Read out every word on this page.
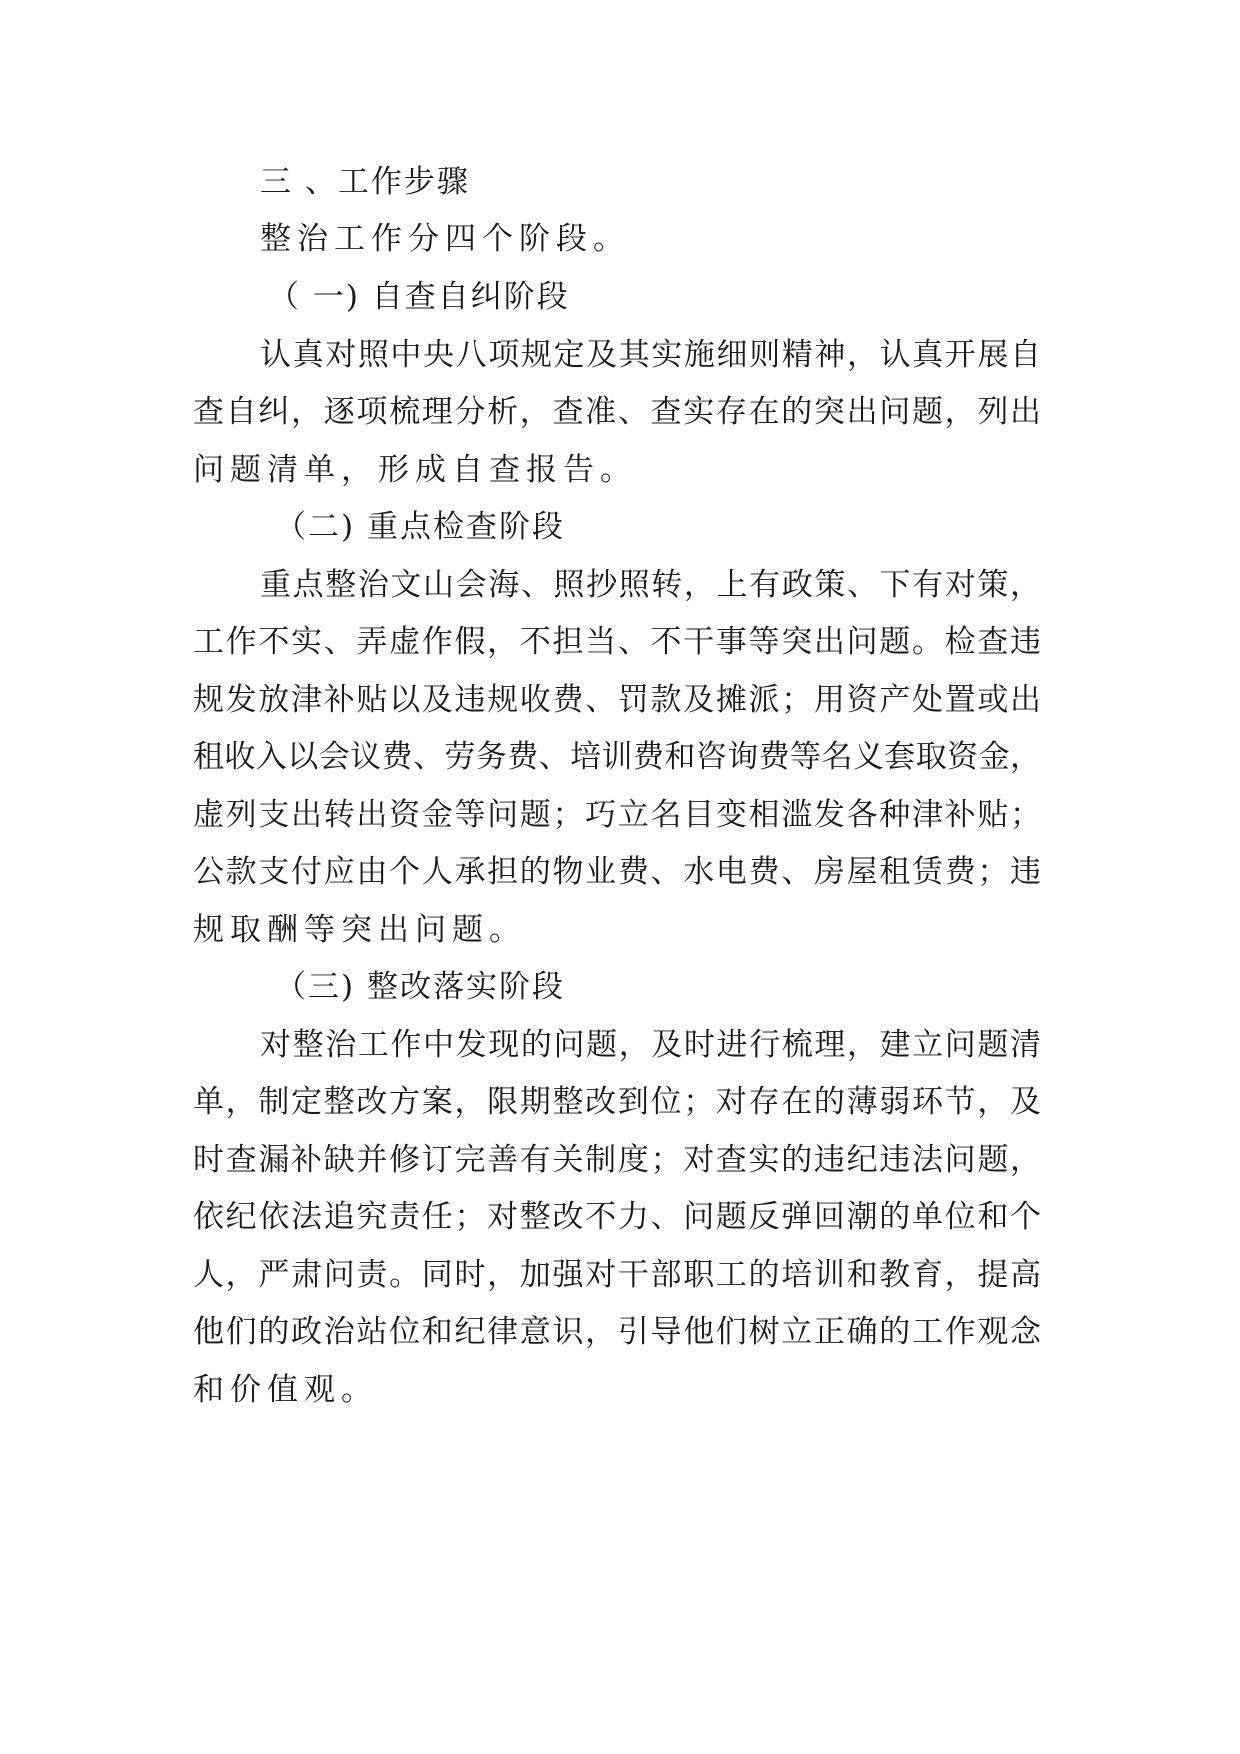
三 、工作步骤
整治工作分四个阶段。
（ 一) 自查自纠阶段
认真对照中央八项规定及其实施细则精神，认真开展自
查自纠，逐项梳理分析，查准、查实存在的突出问题，列出
问题清单，形成自查报告。
（二) 重点检查阶段
重点整治文山会海、照抄照转，上有政策、下有对策，
工作不实、弄虚作假，不担当、不干事等突出问题。检查违
规发放津补贴以及违规收费、罚款及摊派；用资产处置或出
租收入以会议费、劳务费、培训费和咨询费等名义套取资金，
虚列支出转出资金等问题；巧立名目变相滥发各种津补贴；
公款支付应由个人承担的物业费、水电费、房屋租赁费；违
规取酬等突出问题。
（三) 整改落实阶段
对整治工作中发现的问题，及时进行梳理，建立问题清
单，制定整改方案，限期整改到位；对存在的薄弱环节，及
时查漏补缺并修订完善有关制度；对查实的违纪违法问题，
依纪依法追究责任；对整改不力、问题反弹回潮的单位和个
人，严肃问责。同时，加强对干部职工的培训和教育，提高
他们的政治站位和纪律意识，引导他们树立正确的工作观念
和价值观。
